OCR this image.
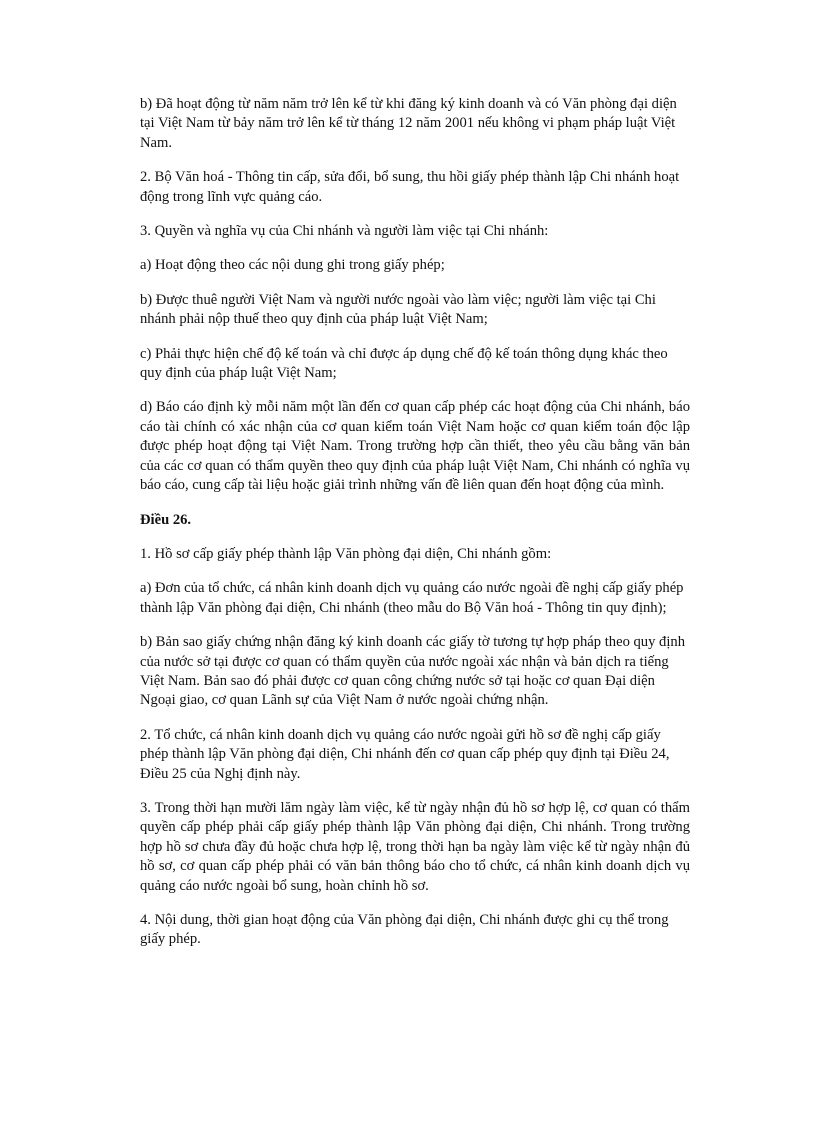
b) Đã hoạt động từ năm năm trở lên kể từ khi đăng ký kinh doanh và có Văn phòng đại diện tại Việt Nam từ bảy năm trở lên kể từ tháng 12 năm 2001 nếu không vi phạm pháp luật Việt Nam.

2. Bộ Văn hoá - Thông tin cấp, sửa đổi, bổ sung, thu hồi giấy phép thành lập Chi nhánh hoạt động trong lĩnh vực quảng cáo.

3. Quyền và nghĩa vụ của Chi nhánh và người làm việc tại Chi nhánh:

a) Hoạt động theo các nội dung ghi trong giấy phép;

b) Được thuê người Việt Nam và người nước ngoài vào làm việc; người làm việc tại Chi nhánh phải nộp thuế theo quy định của pháp luật Việt Nam;

c) Phải thực hiện chế độ kế toán và chỉ được áp dụng chế độ kế toán thông dụng khác theo quy định của pháp luật Việt Nam;

d) Báo cáo định kỳ mỗi năm một lần đến cơ quan cấp phép các hoạt động của Chi nhánh, báo cáo tài chính có xác nhận của cơ quan kiểm toán Việt Nam hoặc cơ quan kiểm toán độc lập được phép hoạt động tại Việt Nam. Trong trường hợp cần thiết, theo yêu cầu bằng văn bản của các cơ quan có thẩm quyền theo quy định của pháp luật Việt Nam, Chi nhánh có nghĩa vụ báo cáo, cung cấp tài liệu hoặc giải trình những vấn đề liên quan đến hoạt động của mình.

Điều 26.

1. Hồ sơ cấp giấy phép thành lập Văn phòng đại diện, Chi nhánh gồm:

a) Đơn của tổ chức, cá nhân kinh doanh dịch vụ quảng cáo nước ngoài đề nghị cấp giấy phép thành lập Văn phòng đại diện, Chi nhánh (theo mẫu do Bộ Văn hoá - Thông tin quy định);

b) Bản sao giấy chứng nhận đăng ký kinh doanh các giấy tờ tương tự hợp pháp theo quy định của nước sở tại được cơ quan có thẩm quyền của nước ngoài xác nhận và bản dịch ra tiếng Việt Nam. Bản sao đó phải được cơ quan công chứng nước sở tại hoặc cơ quan Đại diện Ngoại giao, cơ quan Lãnh sự của Việt Nam ở nước ngoài chứng nhận.

2. Tổ chức, cá nhân kinh doanh dịch vụ quảng cáo nước ngoài gửi hồ sơ đề nghị cấp giấy phép thành lập Văn phòng đại diện, Chi nhánh đến cơ quan cấp phép quy định tại Điều 24, Điều 25 của Nghị định này.

3. Trong thời hạn mười lăm ngày làm việc, kể từ ngày nhận đủ hồ sơ hợp lệ, cơ quan có thẩm quyền cấp phép phải cấp giấy phép thành lập Văn phòng đại diện, Chi nhánh. Trong trường hợp hồ sơ chưa đầy đủ hoặc chưa hợp lệ, trong thời hạn ba ngày làm việc kể từ ngày nhận đủ hồ sơ, cơ quan cấp phép phải có văn bản thông báo cho tổ chức, cá nhân kinh doanh dịch vụ quảng cáo nước ngoài bổ sung, hoàn chỉnh hồ sơ.

4. Nội dung, thời gian hoạt động của Văn phòng đại diện, Chi nhánh được ghi cụ thể trong giấy phép.
